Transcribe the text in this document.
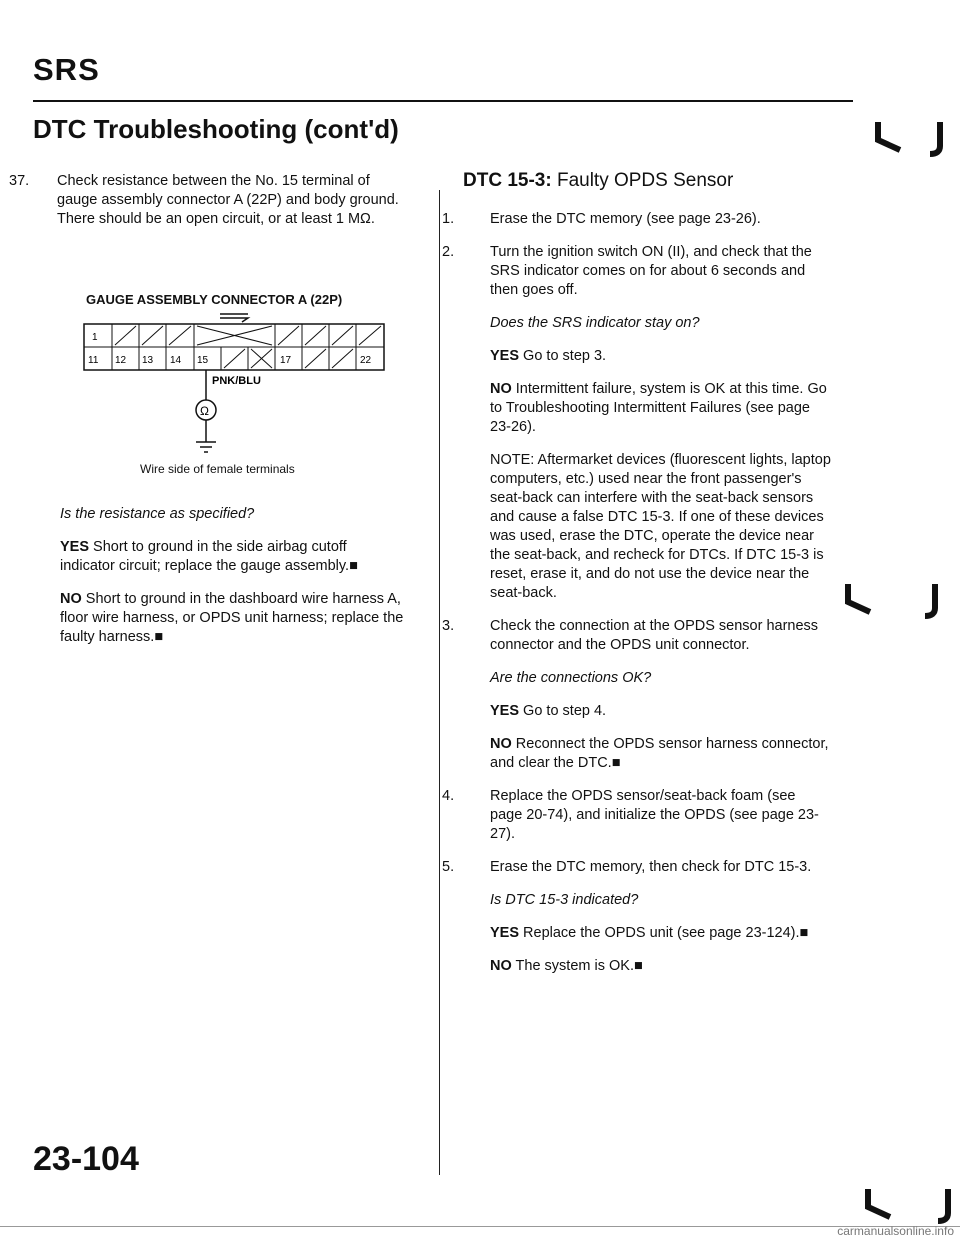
SRS
DTC Troubleshooting (cont'd)

37. Check resistance between the No. 15 terminal of gauge assembly connector A (22P) and body ground. There should be an open circuit, or at least 1 MΩ.

GAUGE ASSEMBLY CONNECTOR A (22P)
1
11 12 13 14 15	17	22
PNK/BLU
Ω
Wire side of female terminals

Is the resistance as specified?

YES Short to ground in the side airbag cutoff indicator circuit; replace the gauge assembly.■

NO Short to ground in the dashboard wire harness A, floor wire harness, or OPDS unit harness; replace the faulty harness.■

DTC 15-3: Faulty OPDS Sensor

1. Erase the DTC memory (see page 23-26).

2. Turn the ignition switch ON (II), and check that the SRS indicator comes on for about 6 seconds and then goes off.

Does the SRS indicator stay on?

YES Go to step 3.

NO Intermittent failure, system is OK at this time. Go to Troubleshooting Intermittent Failures (see page 23-26).

NOTE: Aftermarket devices (fluorescent lights, laptop computers, etc.) used near the front passenger's seat-back can interfere with the seat-back sensors and cause a false DTC 15-3. If one of these devices was used, erase the DTC, operate the device near the seat-back, and recheck for DTCs. If DTC 15-3 is reset, erase it, and do not use the device near the seat-back.

3. Check the connection at the OPDS sensor harness connector and the OPDS unit connector.

Are the connections OK?

YES Go to step 4.

NO Reconnect the OPDS sensor harness connector, and clear the DTC.■

4. Replace the OPDS sensor/seat-back foam (see page 20-74), and initialize the OPDS (see page 23-27).

5. Erase the DTC memory, then check for DTC 15-3.

Is DTC 15-3 indicated?

YES Replace the OPDS unit (see page 23-124).■

NO The system is OK.■

23-104
carmanualsonline.info
